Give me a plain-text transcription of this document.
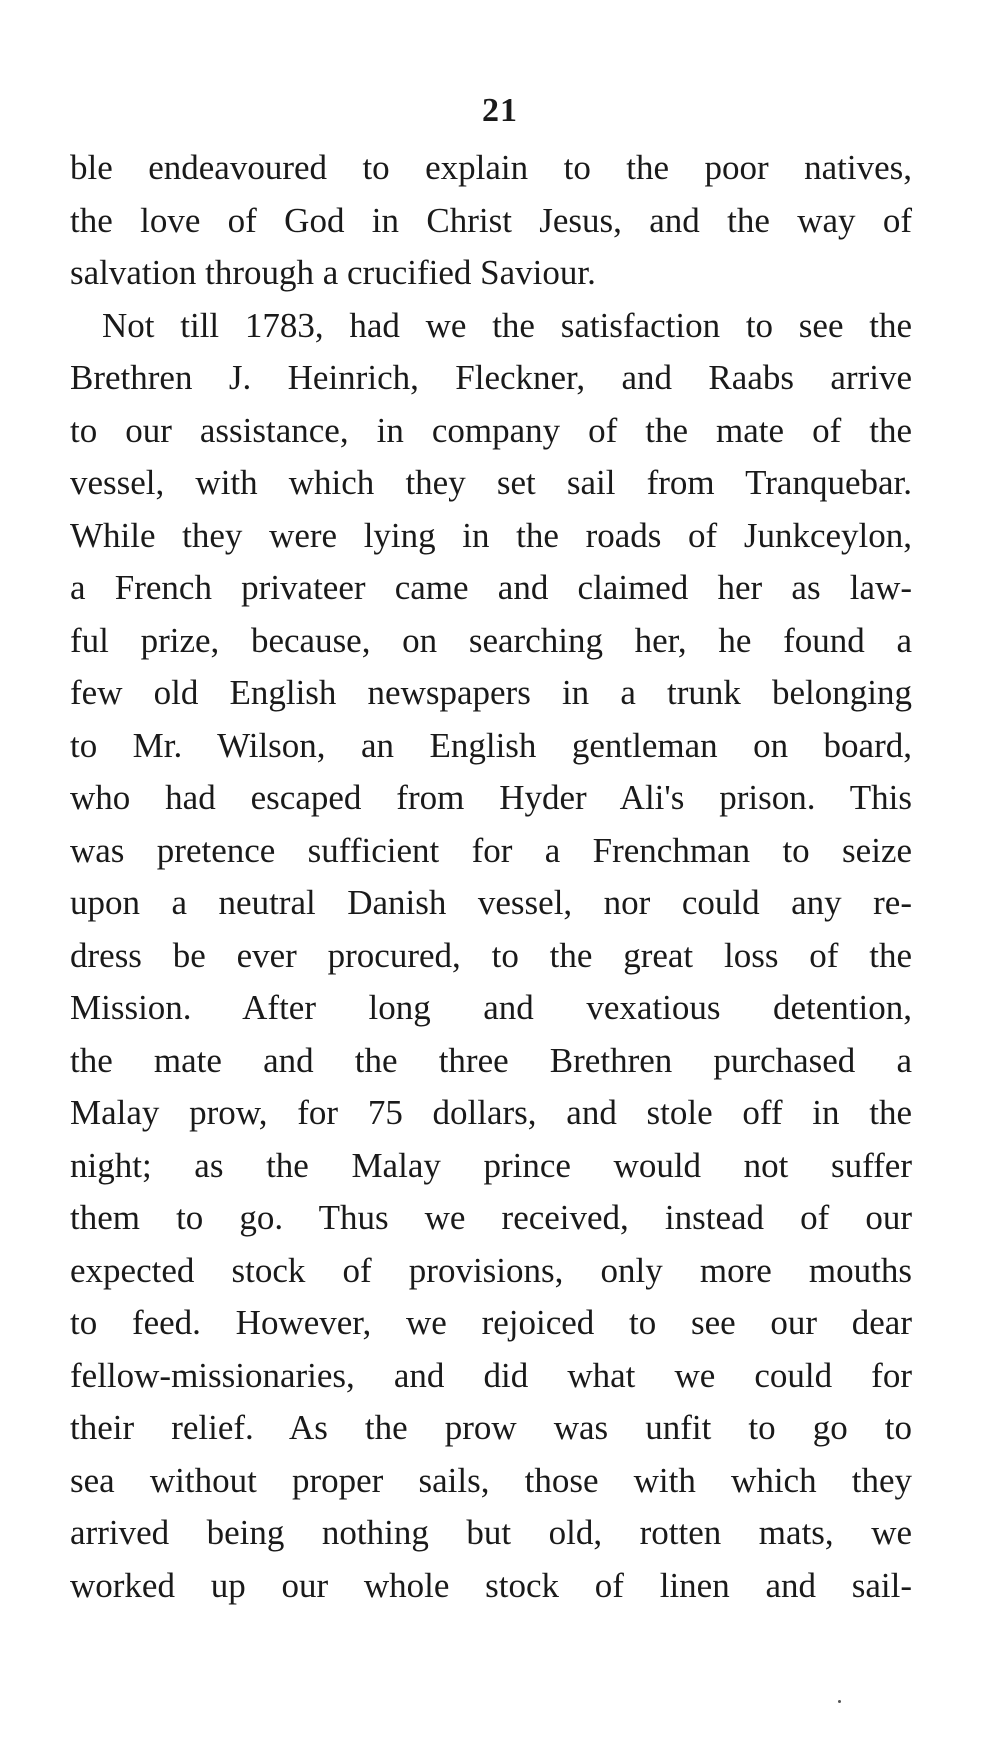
21
ble endeavoured to explain to the poor natives,
the love of God in Christ Jesus, and the way of
salvation through a crucified Saviour.
Not till 1783, had we the satisfaction to see the
Brethren J. Heinrich, Fleckner, and Raabs arrive
to our assistance, in company of the mate of the
vessel, with which they set sail from Tranquebar.
While they were lying in the roads of Junkceylon,
a French privateer came and claimed her as law-
ful prize, because, on searching her, he found a
few old English newspapers in a trunk belonging
to Mr. Wilson, an English gentleman on board,
who had escaped from Hyder Ali's prison. This
was pretence sufficient for a Frenchman to seize
upon a neutral Danish vessel, nor could any re-
dress be ever procured, to the great loss of the
Mission. After long and vexatious detention,
the mate and the three Brethren purchased a
Malay prow, for 75 dollars, and stole off in the
night; as the Malay prince would not suffer
them to go. Thus we received, instead of our
expected stock of provisions, only more mouths
to feed. However, we rejoiced to see our dear
fellow-missionaries, and did what we could for
their relief. As the prow was unfit to go to
sea without proper sails, those with which they
arrived being nothing but old, rotten mats, we
worked up our whole stock of linen and sail-
